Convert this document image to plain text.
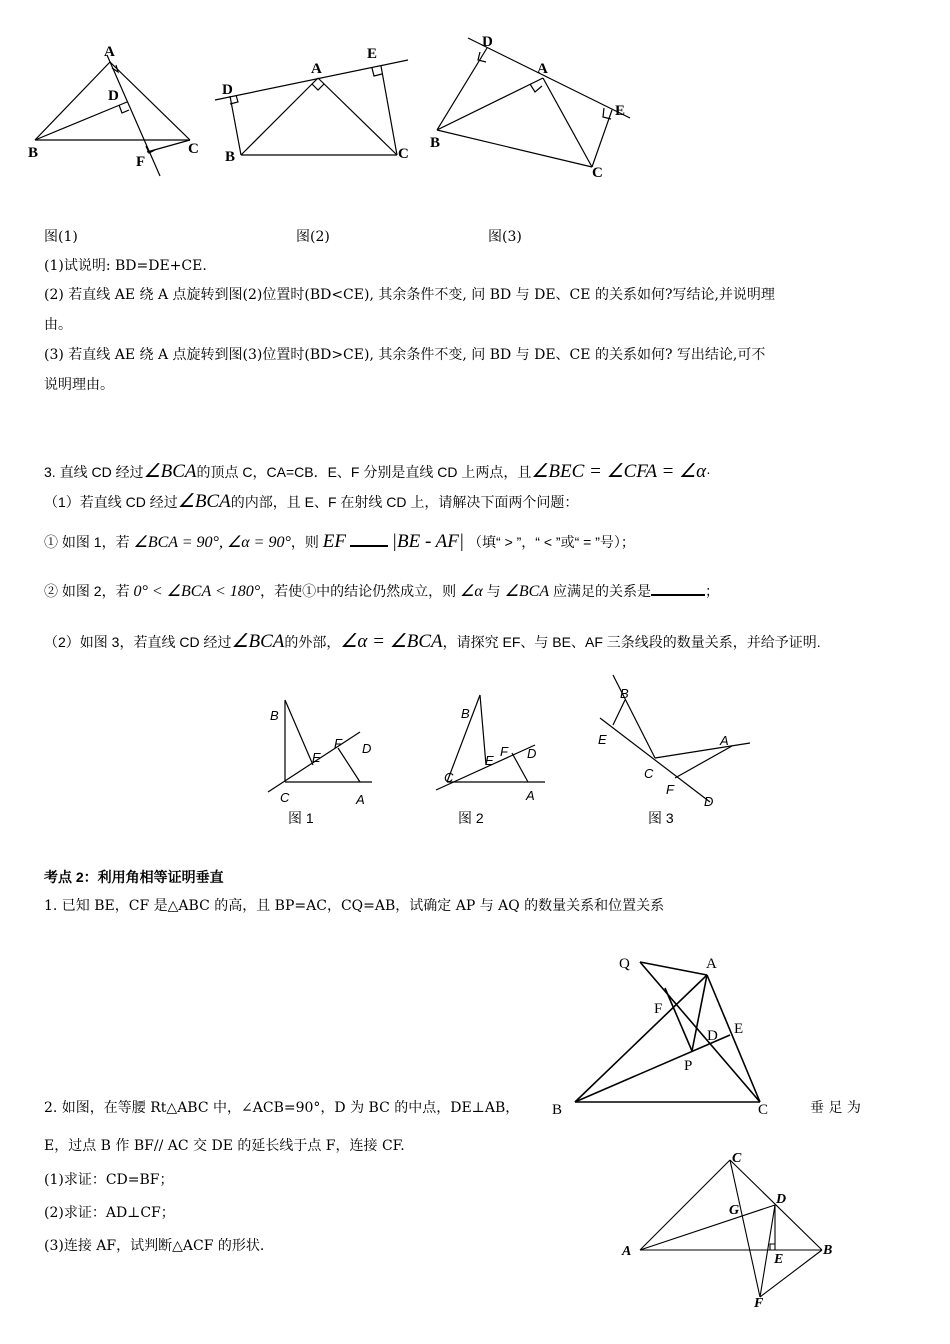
A
D
B	C
F
D
A
E
B	C
D
A
E
B
C
图(1)	图(2)	图(3)
(1)试说明: BD=DE+CE.
(2) 若直线 AE 绕 A 点旋转到图(2)位置时(BD<CE), 其余条件不变, 问 BD 与 DE、CE 的关系如何?写结论,并说明理
由。
(3) 若直线 AE 绕 A 点旋转到图(3)位置时(BD>CE), 其余条件不变, 问 BD 与 DE、CE 的关系如何? 写出结论,可不
说明理由。
3. 直线 CD 经过∠BCA的顶点 C，CA=CB．E、F 分别是直线 CD 上两点，且∠BEC = ∠CFA = ∠α·
（1）若直线 CD 经过∠BCA的内部，且 E、F 在射线 CD 上，请解决下面两个问题：
① 如图 1，若 ∠BCA = 90°, ∠α = 90°，则 EF |BE - AF| （填“ > ”，“ < ”或“ = ”号）；
② 如图 2，若 0° < ∠BCA < 180°，若使①中的结论仍然成立，则 ∠α 与 ∠BCA 应满足的关系是	；
（2）如图 3，若直线 CD 经过∠BCA的外部，∠α = ∠BCA，请探究 EF、与 BE、AF 三条线段的数量关系，并给予证明.
B
E
F D
C	A
B
E
F D
C
A
B
E	A
C
F
D
图 1	图 2	图 3
考点 2：利用角相等证明垂直
1. 已知 BE，CF 是△ABC 的高，且 BP=AC，CQ=AB，试确定 AP 与 AQ 的数量关系和位置关系
Q	A
F
E
D
P
B	C
2. 如图，在等腰 Rt△ABC 中，∠ACB=90°，D 为 BC 的中点，DE⊥AB，	垂 足 为
E，过点 B 作 BF// AC 交 DE 的延长线于点 F，连接 CF.
(1)求证：CD=BF；
(2)求证：AD⊥CF；
(3)连接 AF，试判断△ACF 的形状.
C
D
G
A
E
B
F
